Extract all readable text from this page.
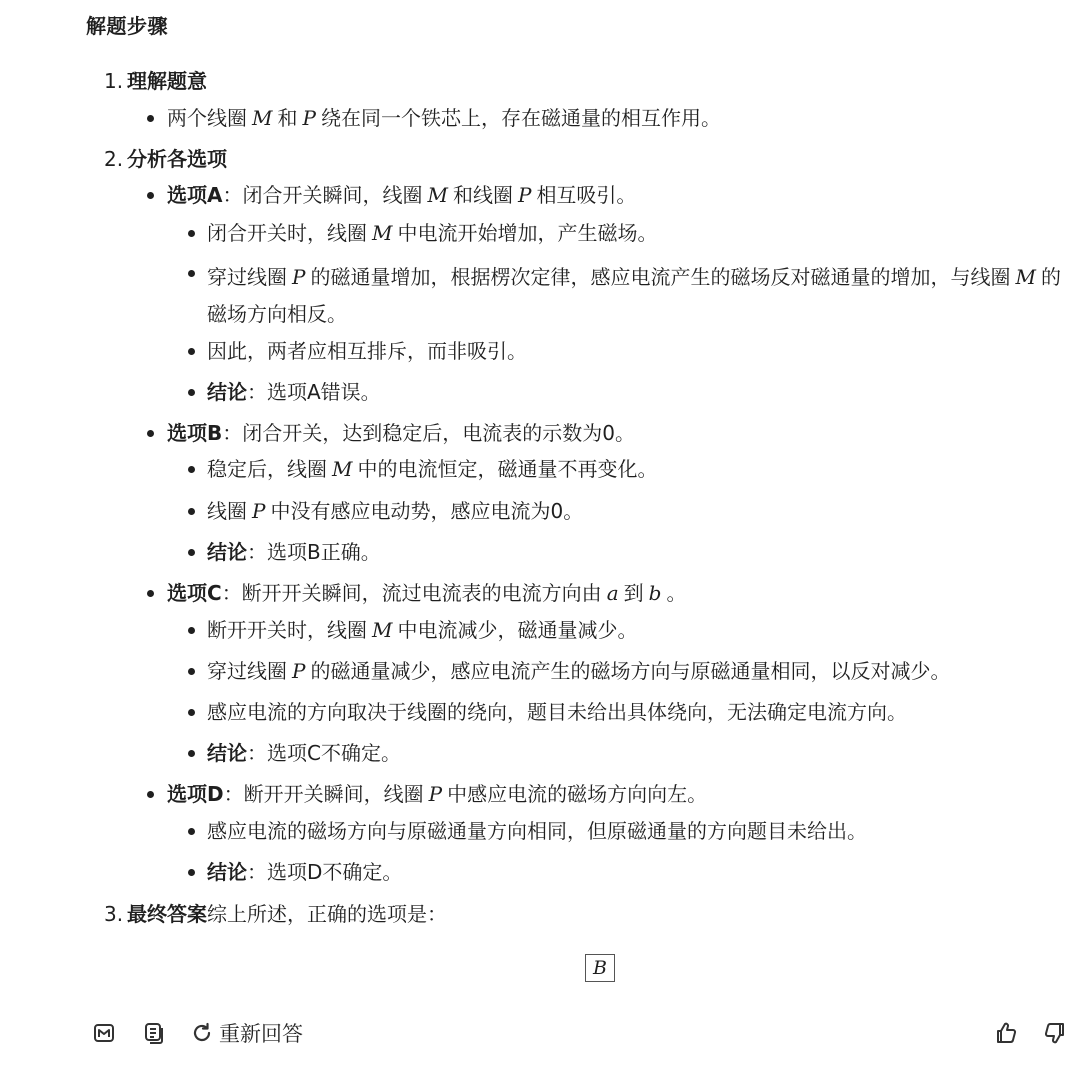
解题步骤
1. 理解题意
两个线圈 M 和 P 绕在同一个铁芯上，存在磁通量的相互作用。
2. 分析各选项
选项A：闭合开关瞬间，线圈 M 和线圈 P 相互吸引。
闭合开关时，线圈 M 中电流开始增加，产生磁场。
穿过线圈 P 的磁通量增加，根据楞次定律，感应电流产生的磁场反对磁通量的增加，与线圈 M 的磁场方向相反。
因此，两者应相互排斥，而非吸引。
结论：选项A错误。
选项B：闭合开关，达到稳定后，电流表的示数为0。
稳定后，线圈 M 中的电流恒定，磁通量不再变化。
线圈 P 中没有感应电动势，感应电流为0。
结论：选项B正确。
选项C：断开开关瞬间，流过电流表的电流方向由 a 到 b 。
断开开关时，线圈 M 中电流减少，磁通量减少。
穿过线圈 P 的磁通量减少，感应电流产生的磁场方向与原磁通量相同，以反对减少。
感应电流的方向取决于线圈的绕向，题目未给出具体绕向，无法确定电流方向。
结论：选项C不确定。
选项D：断开开关瞬间，线圈 P 中感应电流的磁场方向向左。
感应电流的磁场方向与原磁通量方向相同，但原磁通量的方向题目未给出。
结论：选项D不确定。
3. 最终答案综上所述，正确的选项是：
B
重新回答
